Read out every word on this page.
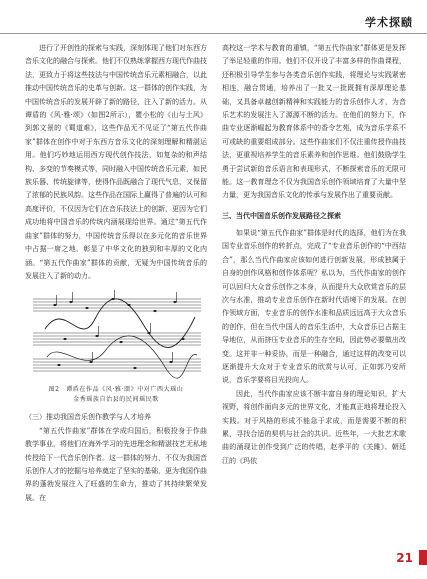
学术探赜

进行了开创性的探索与实践，深刻体现了他们对东西方音乐文化的融合与探索。他们不仅熟练掌握西方现代作曲技法，更致力于将这些技法与中国传统音乐元素相融合，以此推动中国传统音乐的史革与创新。这一群体的创作实践，为中国传统音乐的发展开辟了新的路径，注入了新的活力。从谭盾的《风·雅·颂》（如图2所示），瞿小松的《山与土风》到郭文景的《蜀道难》，这些作品无不见证了“第五代作曲家”群体在创作中对于东西方音乐文化的深刻理解和精湛运用。他们巧妙地运用西方现代创作技法，如复杂的和声结构、多变的节奏模式等，同时融入中国传统音乐元素，如民族乐器、传统旋律等，使得作品既融合了现代气息，又保留了浓郁的民族风韵。这些作品在国际上赢得了普遍的认可和高度评价，不仅因为它们在音乐技法上的创新，更因为它们成功地将中国音乐的传统内涵展现给世界。通过“第五代作曲家”群体的努力，中国传统音乐得以在多元化的音乐世界中占据一席之地，彰显了中华文化的独到和丰厚的文化内涵。“第五代作曲家”群体的贡献，无疑为中国传统音乐的发展注入了新的动力。

图2　谭盾在作品《风·雅·颂》中对广西大瑶山
金秀瑶族自治县的民间瑶民歌
（三）推动我国音乐创作教学与人才培养

“第五代作曲家”群体在学成归国后，积极投身于作曲教学事业，将他们在海外学习的先进理念和精湛技艺无私地传授给下一代音乐创作者。这一群体的努力，不仅为我国音乐创作人才的挖掘与培养奠定了坚实的基础，更为我国作曲界的蓬勃发展注入了旺盛的生命力，推动了其持续繁荣发展。在

高校这一学术与教育的重镇，“第五代作曲家”群体更是发挥了举足轻重的作用。他们不仅开设了丰富多样的作曲课程，还积极引导学生参与各类音乐创作实践，将理论与实践紧密相连，融合贯通，培养出了一批又一批既拥有深厚理论基础，又具备卓越创新精神和实践能力的音乐创作人才，为音乐艺术的发展注入了源源不断的活力。在他们的努力下，作曲专业逐渐崛起为教育体系中的香令艺苑，成为音乐学系不可或缺的重要组成部分。这些作曲家们不仅注重传授作曲技法，更重视培养学生的音乐素养和创作思维。他们鼓励学生勇于尝试新的音乐语言和表现形式，不断探索音乐的无限可能。这一教育理念不仅为我国音乐创作领域培育了大量中坚力量，更为我国音乐文化的传承与发展作出了重要贡献。

三、当代中国音乐创作发展路径之探索

如果说“第五代作曲家”群体是时代的选择，他们为在我国专业音乐创作的转折点，完成了“专业音乐创作的“中西结合”，那么当代作曲家应该如何进行创新发展，形成独属于自身的创作风格和创作体系呢？私以为，当代作曲家的创作可以回归大众音乐创作之本身，从而提升大众欣赏音乐的层次与水准，推动专业音乐创作在新时代语境下的发展。在创作领域方面，专业音乐的创作水准和品质远远高于大众音乐的创作，但在当代中国人的音乐生活中，大众音乐已占据主导地位，从而挤压专业音乐的生存空间，因此势必要做出改变。这并非一种妥协，而是一种融合，通过这样的改变可以逐渐提升大众对于专业音乐的欣赏与认可，正如郭乃安所说，音乐学要将目光投向人。

因此，当代作曲家应该不断丰富自身的理论知识，扩大视野，将创作面向多元的世界文化，才能真正地将理论投入实践。对于风格的形成不能急于求成，而是需要不断的积累，寻找合适的契机与社会的共识。近些年，一大批艺术歌曲的涌现让创作受到广泛的传唱，赵季平的《关雎》、朝廷江的《玛依

21
